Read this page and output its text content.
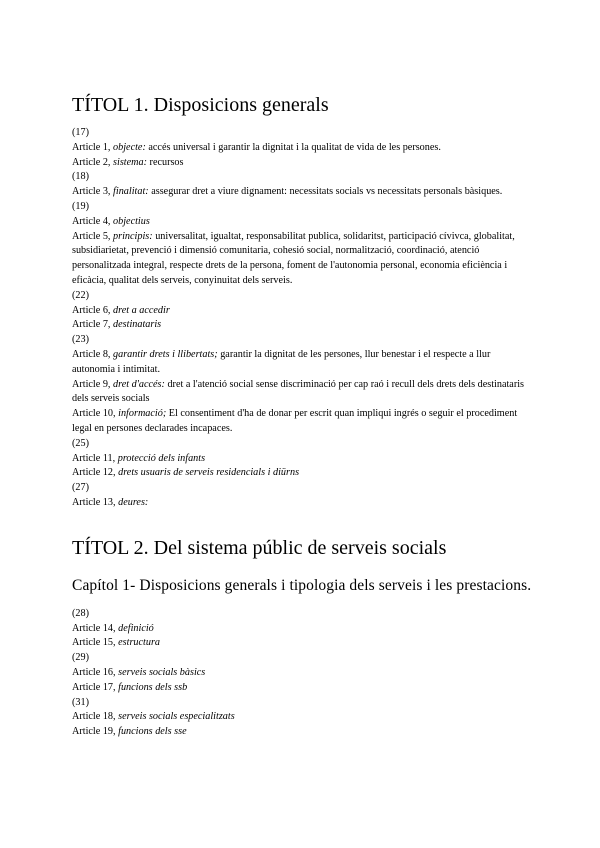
TÍTOL 1. Disposicions generals
(17)
Article 1, objecte: accés universal i garantir la dignitat i la qualitat de vida de les persones.
Article 2, sistema: recursos
(18)
Article 3, finalitat: assegurar dret a viure dignament: necessitats socials vs necessitats personals bàsiques.
(19)
Article 4, objectius
Article 5, principis: universalitat, igualtat, responsabilitat publica, solidaritst, participació cívivca, globalitat, subsidiarietat, prevenció i dimensió comunitaria, cohesió social, normalització, coordinació, atenció personalitzada integral, respecte drets de la persona, foment de l'autonomia personal, economia eficiència i eficàcia, qualitat dels serveis, conyinuitat dels serveis.
(22)
Article 6, dret a accedir
Article 7, destinataris
(23)
Article 8, garantir drets i llibertats; garantir la dignitat de les persones, llur benestar i el respecte a llur autonomia i intimitat.
Article 9, dret d'accés: dret a l'atenció social sense discriminació per cap raó i recull dels drets dels destinataris dels serveis socials
Article 10, informació; El consentiment d'ha de donar per escrit quan impliqui ingrés o seguir el procediment legal en persones declarades incapaces.
(25)
Article 11, protecció dels infants
Article 12, drets usuaris de serveis residencials i diürns
(27)
Article 13, deures:
TÍTOL 2. Del sistema públic de serveis socials
Capítol 1- Disposicions generals i tipologia dels serveis i les prestacions.
(28)
Article 14, definició
Article 15, estructura
(29)
Article 16, serveis socials bàsics
Article 17, funcions dels ssb
(31)
Article 18, serveis socials especialitzats
Article 19, funcions dels sse
